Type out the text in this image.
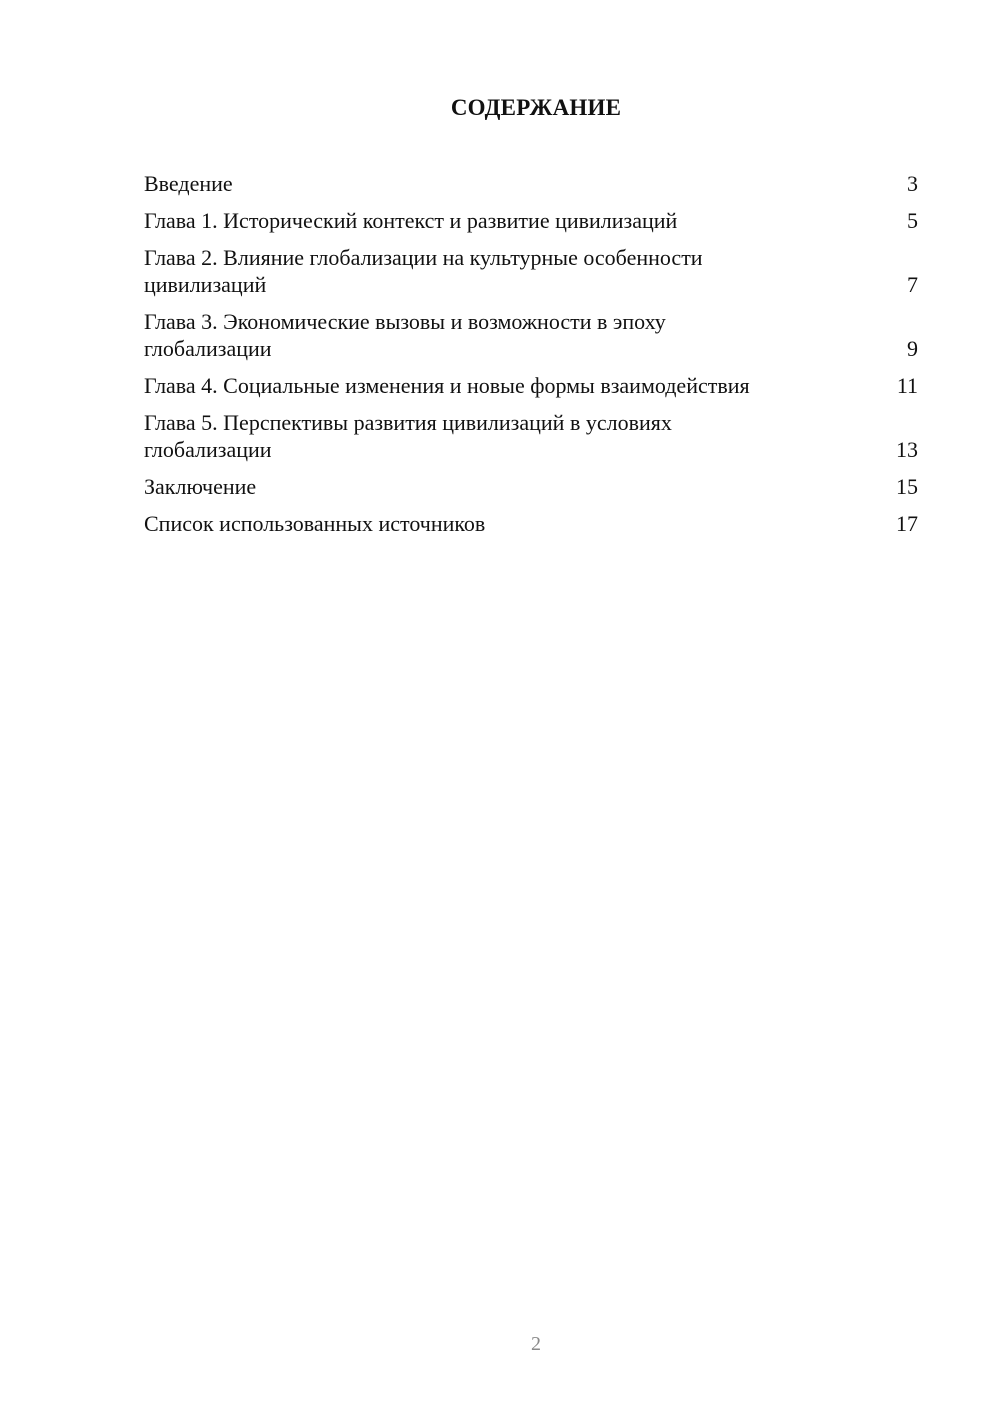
СОДЕРЖАНИЕ
Введение	3
Глава 1. Исторический контекст и развитие цивилизаций	5
Глава 2. Влияние глобализации на культурные особенности цивилизаций	7
Глава 3. Экономические вызовы и возможности в эпоху глобализации	9
Глава 4. Социальные изменения и новые формы взаимодействия	11
Глава 5. Перспективы развития цивилизаций в условиях глобализации	13
Заключение	15
Список использованных источников	17
2
